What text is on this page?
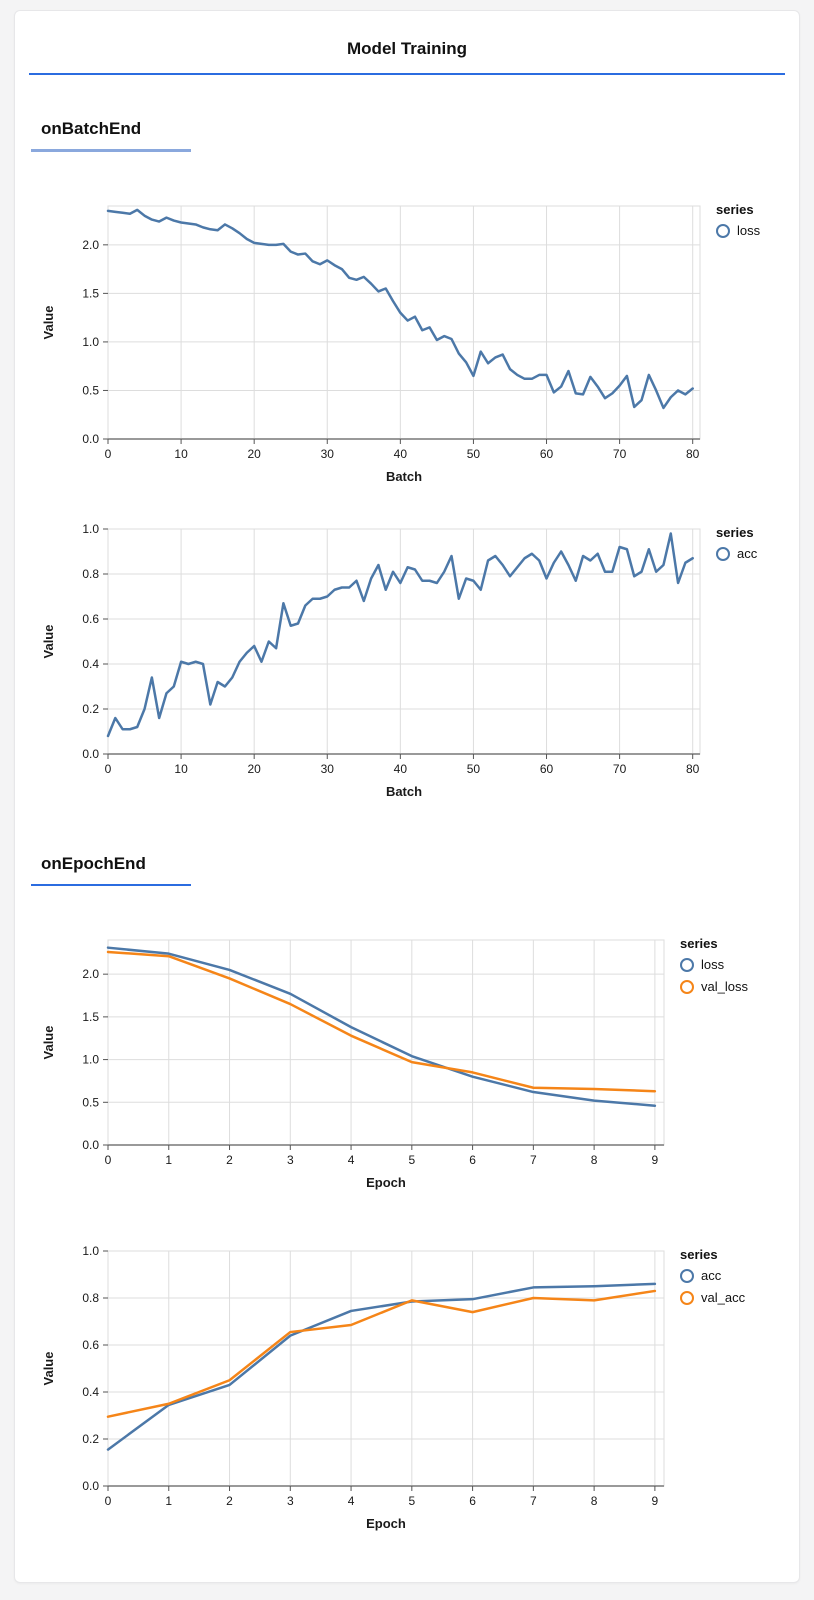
Model Training
onBatchEnd
0	10	20	30	40	50	60	70	80
0.0
0.5
1.0
1.5
2.0
Batch
Value
series
loss
0	10	20	30	40	50	60	70	80
0.0
0.2
0.4
0.6
0.8
1.0
Batch
Value
series
acc
onEpochEnd
0	1	2	3	4	5	6	7	8	9
0.0
0.5
1.0
1.5
2.0
Epoch
Value
series
loss
val_loss
0	1	2	3	4	5	6	7	8	9
0.0
0.2
0.4
0.6
0.8
1.0
Epoch
Value
series
acc
val_acc
